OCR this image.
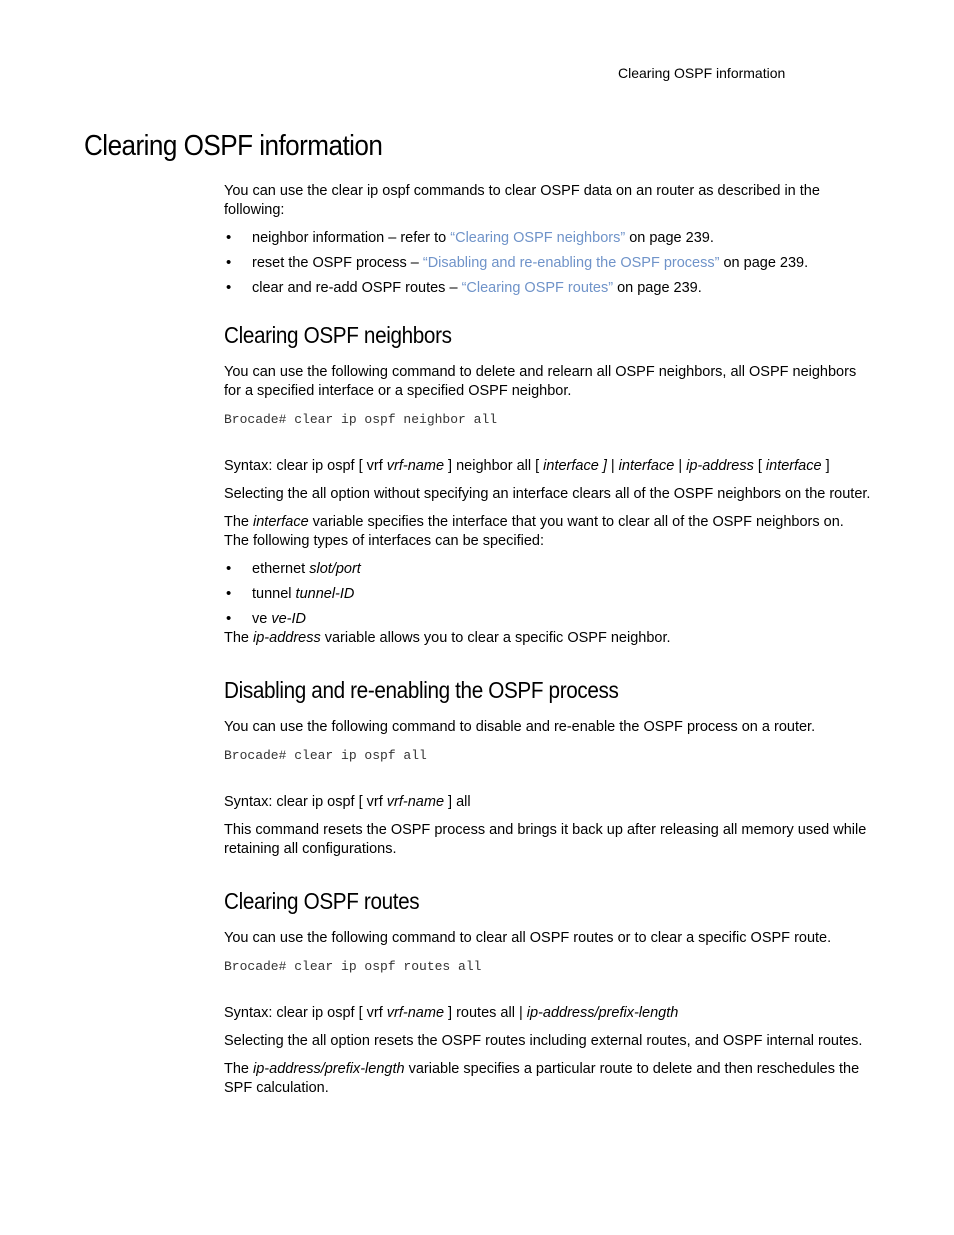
Clearing OSPF information
Clearing OSPF information

You can use the clear ip ospf commands to clear OSPF data on an router as described in the following:

• neighbor information – refer to “Clearing OSPF neighbors” on page 239.
• reset the OSPF process – “Disabling and re-enabling the OSPF process” on page 239.
• clear and re-add OSPF routes – “Clearing OSPF routes” on page 239.
Clearing OSPF neighbors

You can use the following command to delete and relearn all OSPF neighbors, all OSPF neighbors for a specified interface or a specified OSPF neighbor.

Brocade# clear ip ospf neighbor all

Syntax: clear ip ospf [ vrf vrf-name ] neighbor all [ interface ] | interface | ip-address [ interface ]

Selecting the all option without specifying an interface clears all of the OSPF neighbors on the router.

The interface variable specifies the interface that you want to clear all of the OSPF neighbors on. The following types of interfaces can be specified:

• ethernet slot/port
• tunnel tunnel-ID
• ve ve-ID

The ip-address variable allows you to clear a specific OSPF neighbor.

Disabling and re-enabling the OSPF process

You can use the following command to disable and re-enable the OSPF process on a router.

Brocade# clear ip ospf all

Syntax: clear ip ospf [ vrf vrf-name ] all

This command resets the OSPF process and brings it back up after releasing all memory used while retaining all configurations.

Clearing OSPF routes

You can use the following command to clear all OSPF routes or to clear a specific OSPF route.

Brocade# clear ip ospf routes all

Syntax: clear ip ospf [ vrf vrf-name ] routes all | ip-address/prefix-length

Selecting the all option resets the OSPF routes including external routes, and OSPF internal routes.

The ip-address/prefix-length variable specifies a particular route to delete and then reschedules the SPF calculation.
